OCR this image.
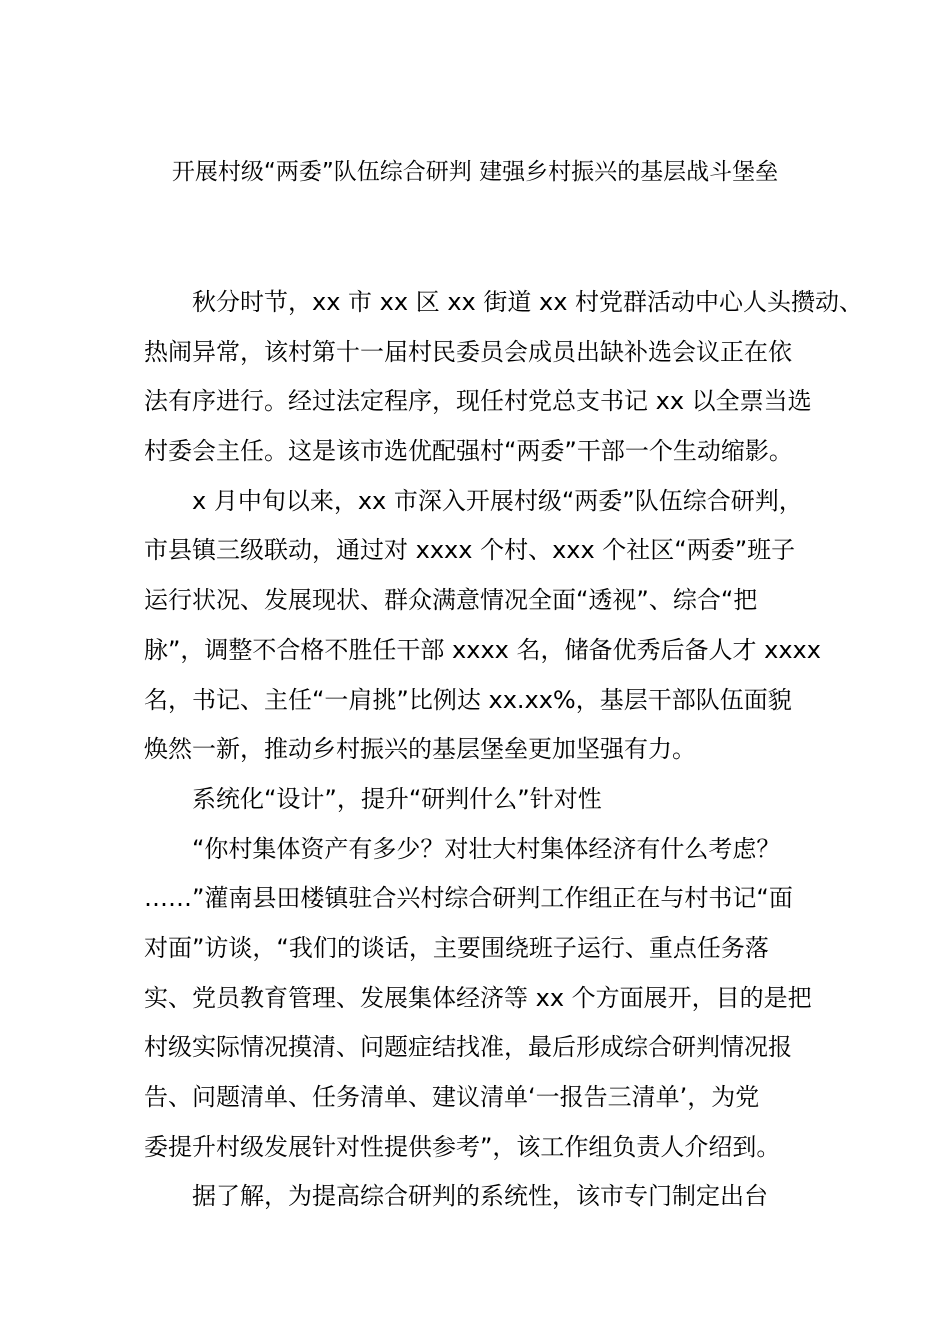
开展村级“两委”队伍综合研判 建强乡村振兴的基层战斗堡垒
秋分时节，xx 市 xx 区 xx 街道 xx 村党群活动中心人头攒动、
热闹异常，该村第十一届村民委员会成员出缺补选会议正在依
法有序进行。经过法定程序，现任村党总支书记 xx 以全票当选
村委会主任。这是该市选优配强村“两委”干部一个生动缩影。
x 月中旬以来，xx 市深入开展村级“两委”队伍综合研判，
市县镇三级联动，通过对 xxxx 个村、xxx 个社区“两委”班子
运行状况、发展现状、群众满意情况全面“透视”、综合“把
脉”，调整不合格不胜任干部 xxxx 名，储备优秀后备人才 xxxx
名，书记、主任“一肩挑”比例达 xx.xx%，基层干部队伍面貌
焕然一新，推动乡村振兴的基层堡垒更加坚强有力。
系统化“设计”，提升“研判什么”针对性
“你村集体资产有多少？对壮大村集体经济有什么考虑？
……”灌南县田楼镇驻合兴村综合研判工作组正在与村书记“面
对面”访谈，“我们的谈话，主要围绕班子运行、重点任务落
实、党员教育管理、发展集体经济等 xx 个方面展开，目的是把
村级实际情况摸清、问题症结找准，最后形成综合研判情况报
告、问题清单、任务清单、建议清单‘一报告三清单’，为党
委提升村级发展针对性提供参考”，该工作组负责人介绍到。
据了解，为提高综合研判的系统性，该市专门制定出台
